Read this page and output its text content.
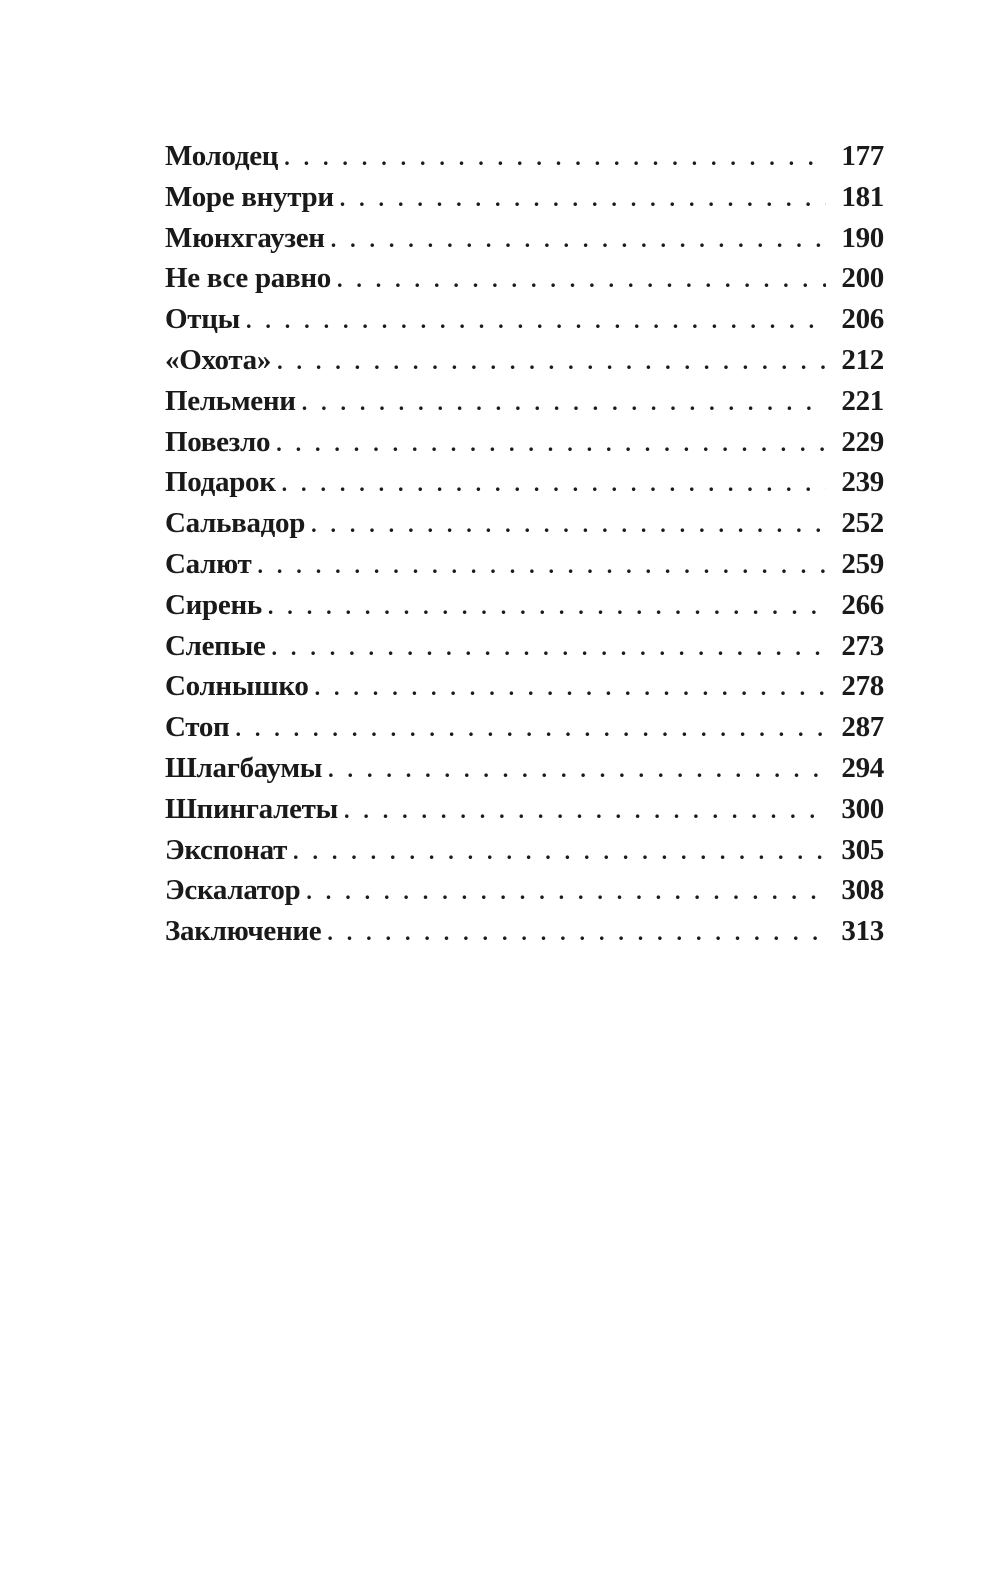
Молодец . . .	177
Море внутри . . .	181
Мюнхгаузен . . .	190
Не все равно . . .	200
Отцы . . .	206
«Охота» . . .	212
Пельмени . . .	221
Повезло . . .	229
Подарок . . .	239
Сальвадор . . .	252
Салют . . .	259
Сирень . . .	266
Слепые . . .	273
Солнышко . . .	278
Стоп . . .	287
Шлагбаумы . . .	294
Шпингалеты . . .	300
Экспонат . . .	305
Эскалатор . . .	308
Заключение . . .	313
